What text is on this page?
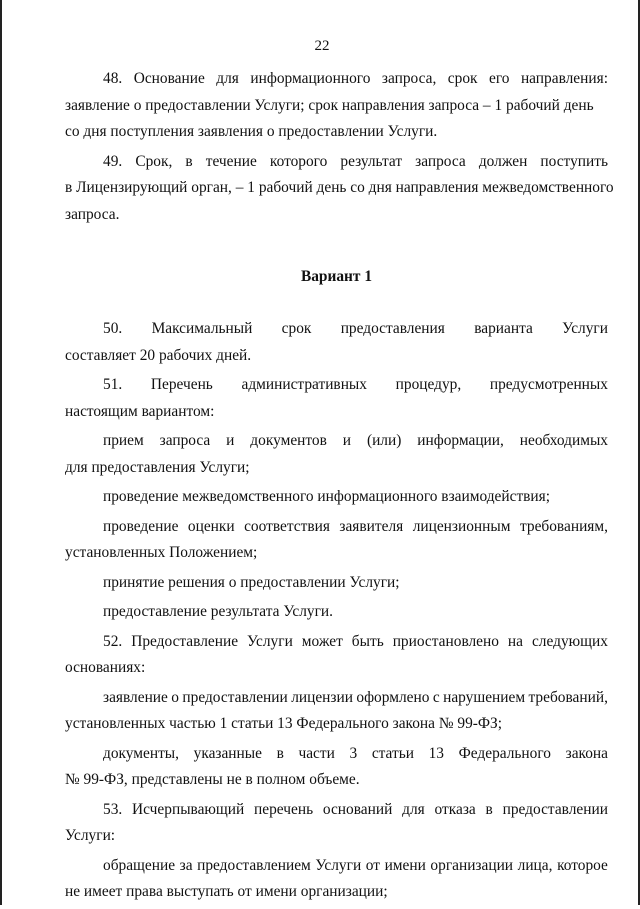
22
48. Основание для информационного запроса, срок его направления:
заявление о предоставлении Услуги; срок направления запроса – 1 рабочий день
со дня поступления заявления о предоставлении Услуги.
49. Срок, в течение которого результат запроса должен поступить
в Лицензирующий орган, – 1 рабочий день со дня направления межведомственного
запроса.
Вариант 1
50. Максимальный срок предоставления варианта Услуги
составляет 20 рабочих дней.
51. Перечень административных процедур, предусмотренных
настоящим вариантом:
прием запроса и документов и (или) информации, необходимых
для предоставления Услуги;
проведение межведомственного информационного взаимодействия;
проведение оценки соответствия заявителя лицензионным требованиям,
установленных Положением;
принятие решения о предоставлении Услуги;
предоставление результата Услуги.
52. Предоставление Услуги может быть приостановлено на следующих
основаниях:
заявление о предоставлении лицензии оформлено с нарушением требований,
установленных частью 1 статьи 13 Федерального закона № 99-ФЗ;
документы, указанные в части 3 статьи 13 Федерального закона
№ 99-ФЗ, представлены не в полном объеме.
53. Исчерпывающий перечень оснований для отказа в предоставлении
Услуги:
обращение за предоставлением Услуги от имени организации лица, которое
не имеет права выступать от имени организации;
